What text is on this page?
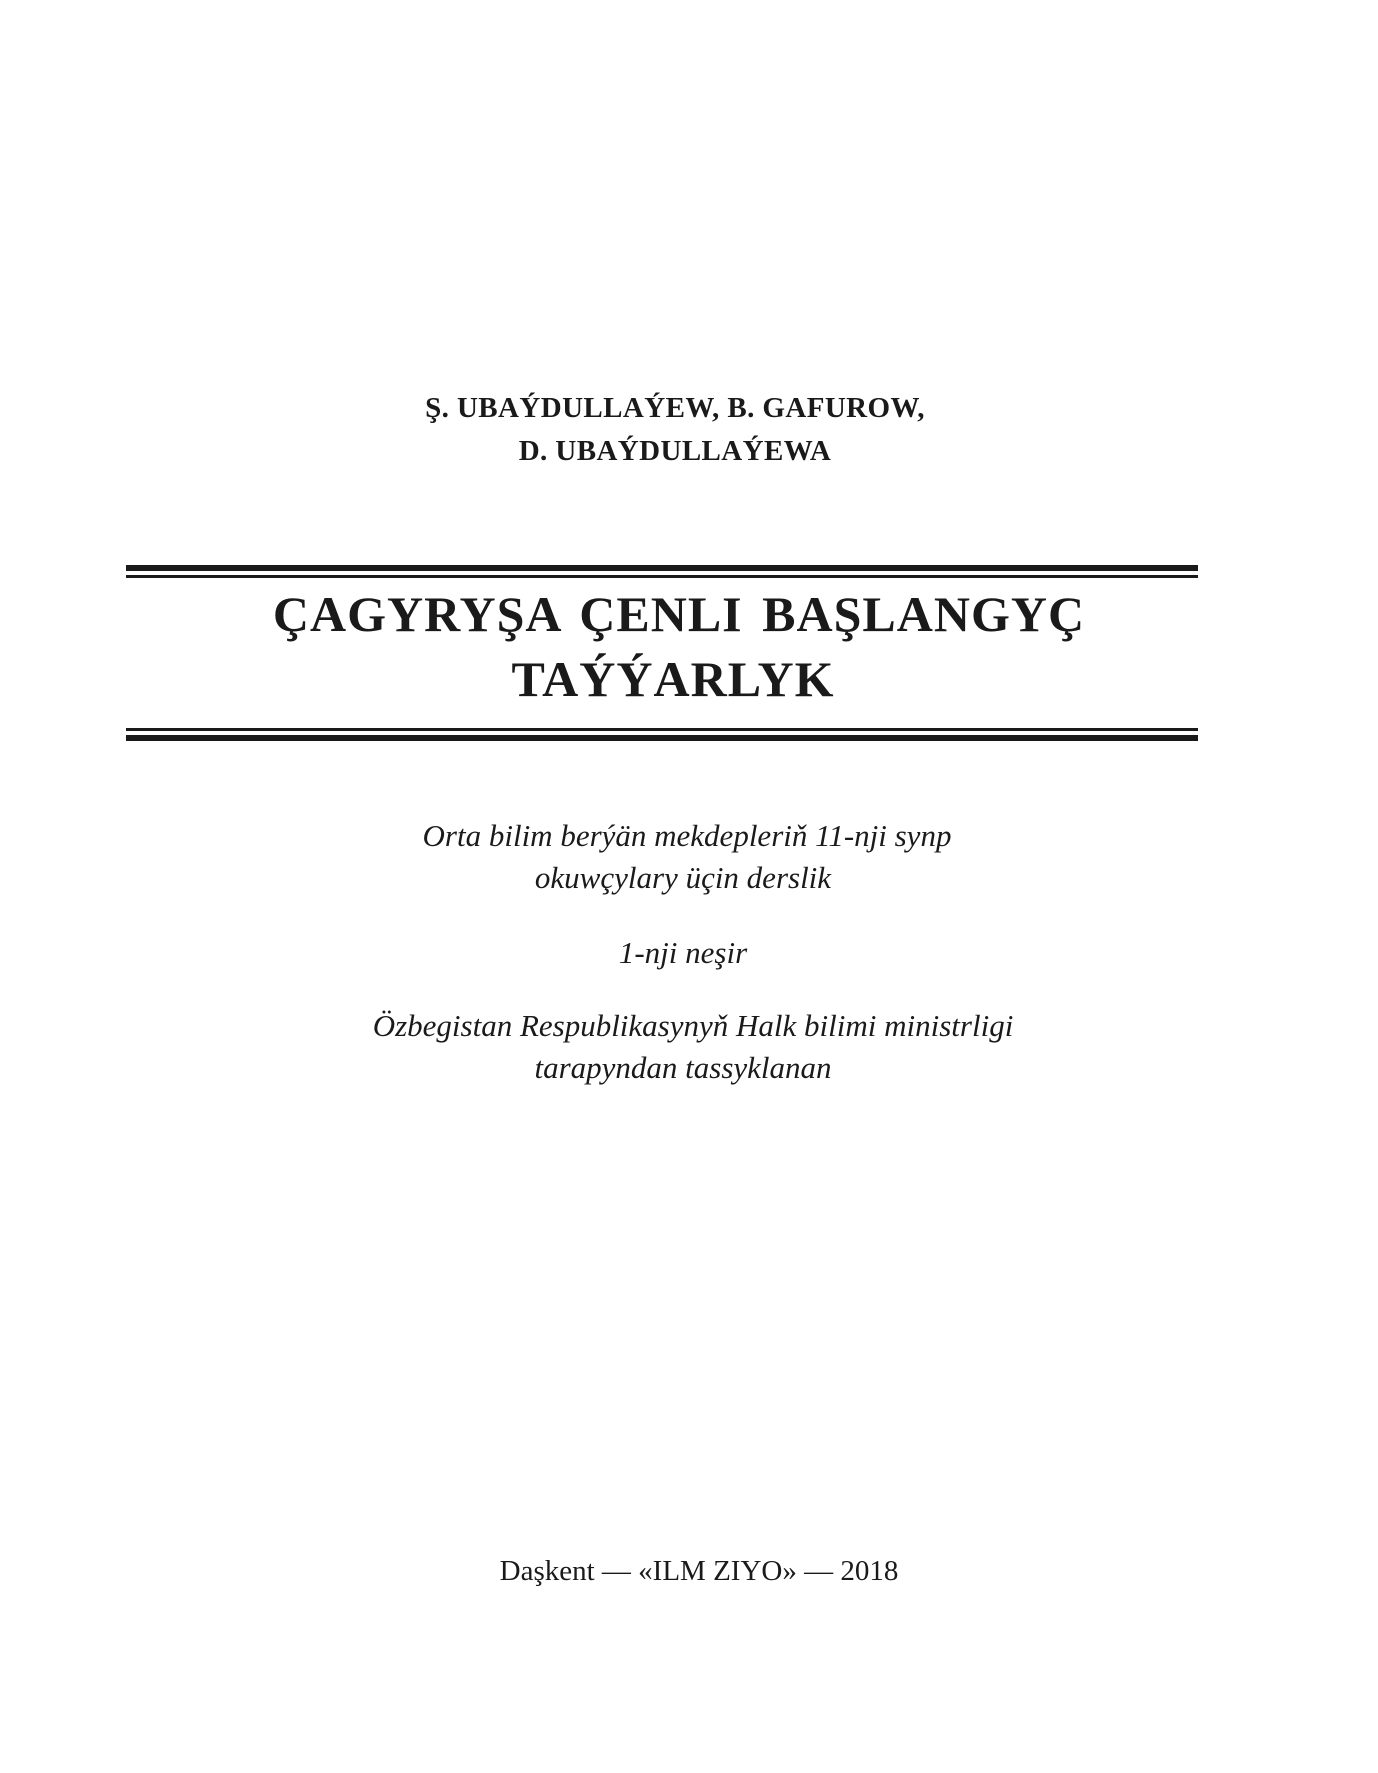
Ş. UBAÝDULLAÝEW, B. GAFUROW,
D. UBAÝDULLAÝEWA
ÇAGYRYŞA ÇENLI BAŞLANGYÇ
TAÝÝARLYK
Orta bilim berýän mekdepleriň 11-nji synp
okuwçylary üçin derslik
1-nji neşir
Özbegistan Respublikasynyň Halk bilimi ministrligi
tarapyndan tassyklanan
Daşkent — «ILM ZIYO» — 2018
